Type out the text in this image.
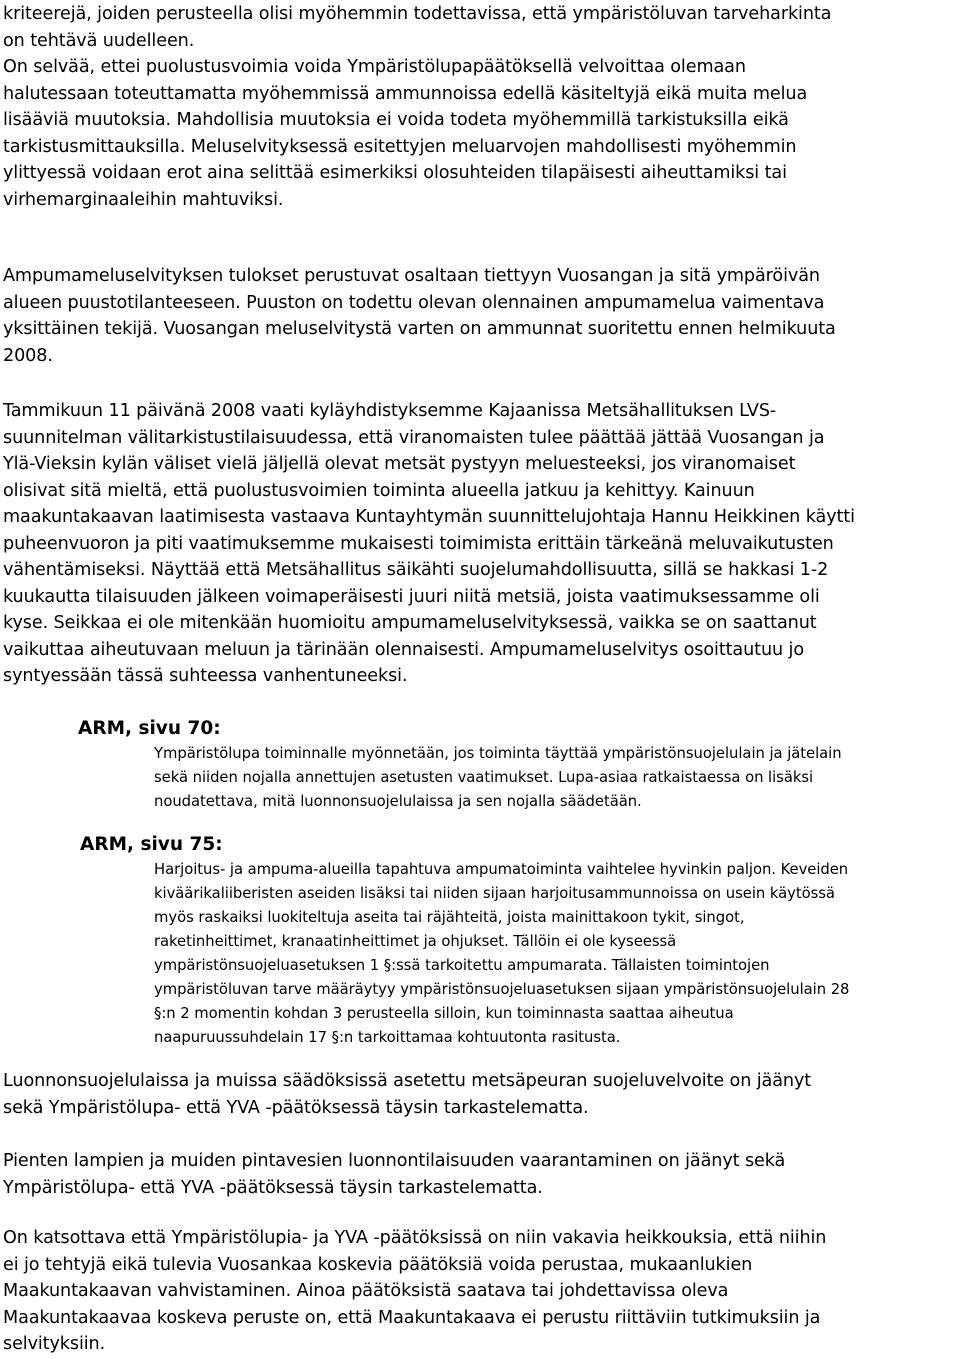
kriteerejä, joiden perusteella olisi myöhemmin todettavissa, että ympäristöluvan tarveharkinta
on tehtävä uudelleen.

On selvää, ettei puolustusvoimia voida Ympäristölupapäätöksellä velvoittaa olemaan
halutessaan toteuttamatta myöhemmissä ammunnoissa edellä käsiteltyjä eikä muita melua
lisääviä muutoksia. Mahdollisia muutoksia ei voida todeta myöhemmillä tarkistuksilla eikä
tarkistusmittauksilla. Meluselvityksessä esitettyjen meluarvojen mahdollisesti myöhemmin
ylittyessä voidaan erot aina selittää esimerkiksi olosuhteiden tilapäisesti aiheuttamiksi tai
virhemarginaaleihin mahtuviksi.

Ampumameluselvityksen tulokset perustuvat osaltaan tiettyyn Vuosangan ja sitä ympäröivän
alueen puustotilanteeseen. Puuston on todettu olevan olennainen ampumamelua vaimentava
yksittäinen tekijä. Vuosangan meluselvitystä varten on ammunnat suoritettu ennen helmikuuta
2008.

Tammikuun 11 päivänä 2008 vaati kyläyhdistyksemme Kajaanissa Metsähallituksen LVS-
suunnitelman välitarkistustilaisuudessa, että viranomaisten tulee päättää jättää Vuosangan ja
Ylä-Vieksin kylän väliset vielä jäljellä olevat metsät pystyyn meluesteeksi, jos viranomaiset
olisivat sitä mieltä, että puolustusvoimien toiminta alueella jatkuu ja kehittyy. Kainuun
maakuntakaavan laatimisesta vastaava Kuntayhtymän suunnittelujohtaja Hannu Heikkinen käytti
puheenvuoron ja piti vaatimuksemme mukaisesti toimimista erittäin tärkeänä meluvaikutusten
vähentämiseksi. Näyttää että Metsähallitus säikähti suojelumahdollisuutta, sillä se hakkasi 1-2
kuukautta tilaisuuden jälkeen voimaperäisesti juuri niitä metsiä, joista vaatimuksessamme oli
kyse. Seikkaa ei ole mitenkään huomioitu ampumameluselvityksessä, vaikka se on saattanut
vaikuttaa aiheutuvaan meluun ja tärinään olennaisesti. Ampumameluselvitys osoittautuu jo
syntyessään tässä suhteessa vanhentuneeksi.

ARM, sivu 70:

Ympäristölupa toiminnalle myönnetään, jos toiminta täyttää ympäristönsuojelulain ja jätelain
sekä niiden nojalla annettujen asetusten vaatimukset. Lupa-asiaa ratkaistaessa on lisäksi
noudatettava, mitä luonnonsuojelulaissa ja sen nojalla säädetään.

ARM, sivu 75:

Harjoitus- ja ampuma-alueilla tapahtuva ampumatoiminta vaihtelee hyvinkin paljon. Keveiden
kiväärikaliiberisten aseiden lisäksi tai niiden sijaan harjoitusammunnoissa on usein käytössä
myös raskaiksi luokiteltuja aseita tai räjähteitä, joista mainittakoon tykit, singot,
raketinheittimet, kranaatinheittimet ja ohjukset. Tällöin ei ole kyseessä
ympäristönsuojeluasetuksen 1 §:ssä tarkoitettu ampumarata. Tällaisten toimintojen
ympäristöluvan tarve määräytyy ympäristönsuojeluasetuksen sijaan ympäristönsuojelulain 28
§:n 2 momentin kohdan 3 perusteella silloin, kun toiminnasta saattaa aiheutua
naapuruussuhdelain 17 §:n tarkoittamaa kohtuutonta rasitusta.

Luonnonsuojelulaissa ja muissa säädöksissä asetettu metsäpeuran suojeluvelvoite on jäänyt
sekä Ympäristölupa- että YVA -päätöksessä täysin tarkastelematta.

Pienten lampien ja muiden pintavesien luonnontilaisuuden vaarantaminen on jäänyt sekä
Ympäristölupa- että YVA -päätöksessä täysin tarkastelematta.

On katsottava että Ympäristölupia- ja YVA -päätöksissä on niin vakavia heikkouksia, että niihin
ei jo tehtyjä eikä tulevia Vuosankaa koskevia päätöksiä voida perustaa, mukaanlukien
Maakuntakaavan vahvistaminen. Ainoa päätöksistä saatava tai johdettavissa oleva
Maakuntakaavaa koskeva peruste on, että Maakuntakaava ei perustu riittäviin tutkimuksiin ja
selvityksiin.
